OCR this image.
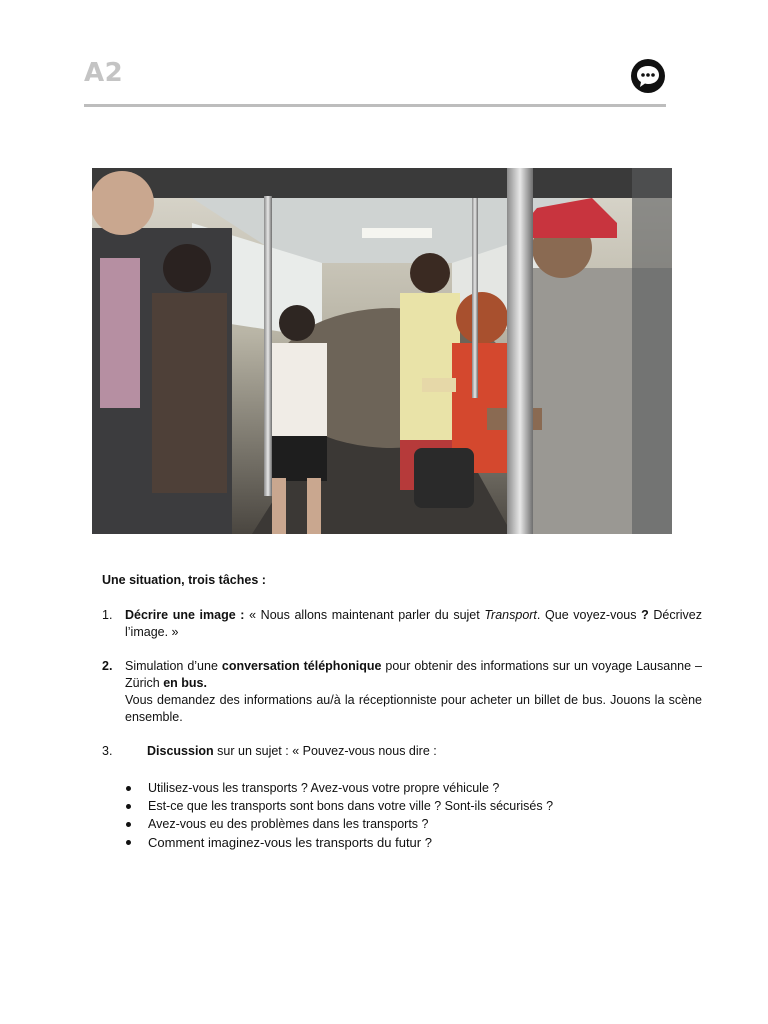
A2
Une situation, trois tâches :
1.	Décrire une image : « Nous allons maintenant parler du sujet Transport. Que voyez-vous ? Décrivez l’image. »
2.	Simulation d’une conversation téléphonique pour obtenir des informations sur un voyage Lausanne – Zürich en bus.
Vous demandez des informations au/à la réceptionniste pour acheter un billet de bus. Jouons la scène ensemble.
3.	Discussion sur un sujet : « Pouvez-vous nous dire :
Utilisez-vous les transports ? Avez-vous votre propre véhicule ?
Est-ce que les transports sont bons dans votre ville ? Sont-ils sécurisés ?
Avez-vous eu des problèmes dans les transports ?
Comment imaginez-vous les transports du futur ?
